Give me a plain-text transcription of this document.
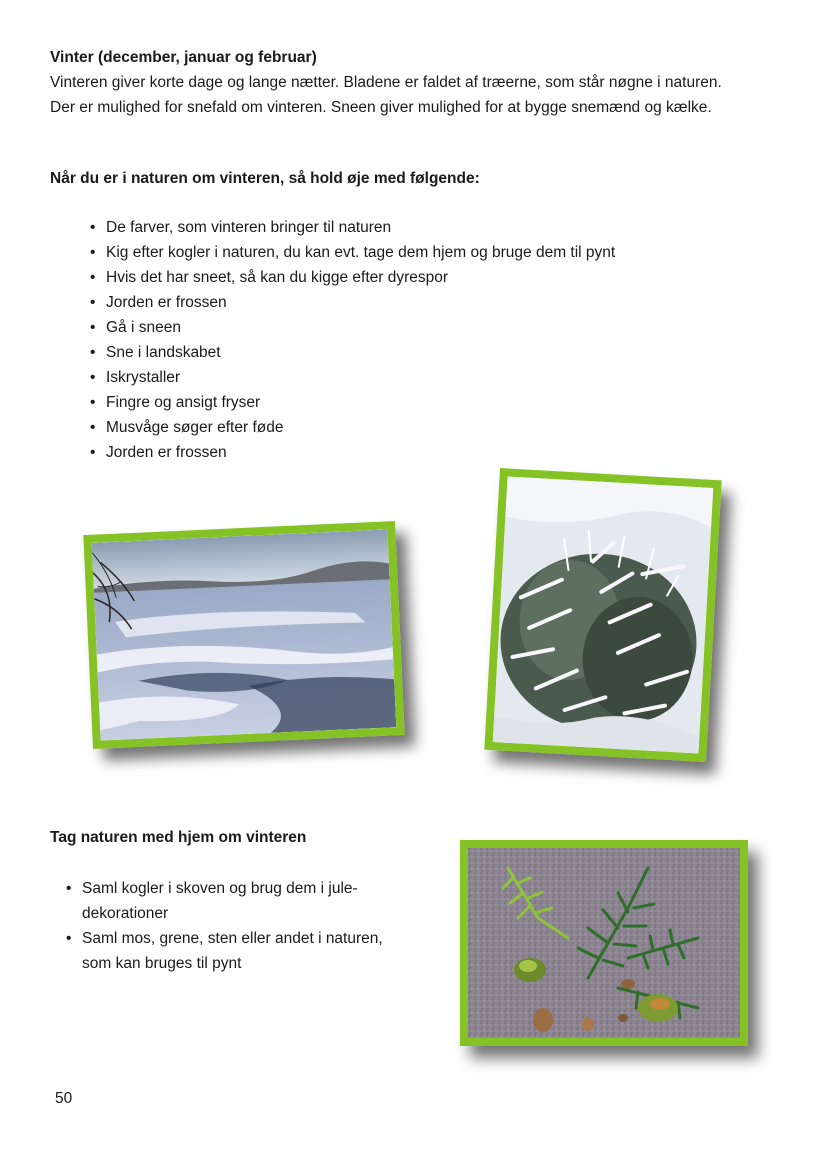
Vinter (december, januar og februar)
Vinteren giver korte dage og lange nætter. Bladene er faldet af træerne, som står nøgne i naturen.
Der er mulighed for snefald om vinteren. Sneen giver mulighed for at bygge snemænd og kælke.
Når du er i naturen om vinteren, så hold øje med følgende:
• De farver, som vinteren bringer til naturen
• Kig efter kogler i naturen, du kan evt. tage dem hjem og bruge dem til pynt
• Hvis det har sneet, så kan du kigge efter dyrespor
• Jorden er frossen
• Gå i sneen
• Sne i landskabet
• Iskrystaller
• Fingre og ansigt fryser
• Musvåge søger efter føde
• Jorden er frossen
Tag naturen med hjem om vinteren
• Saml kogler i skoven og brug dem i jule-
dekorationer
• Saml mos, grene, sten eller andet i naturen,
som kan bruges til pynt
50
